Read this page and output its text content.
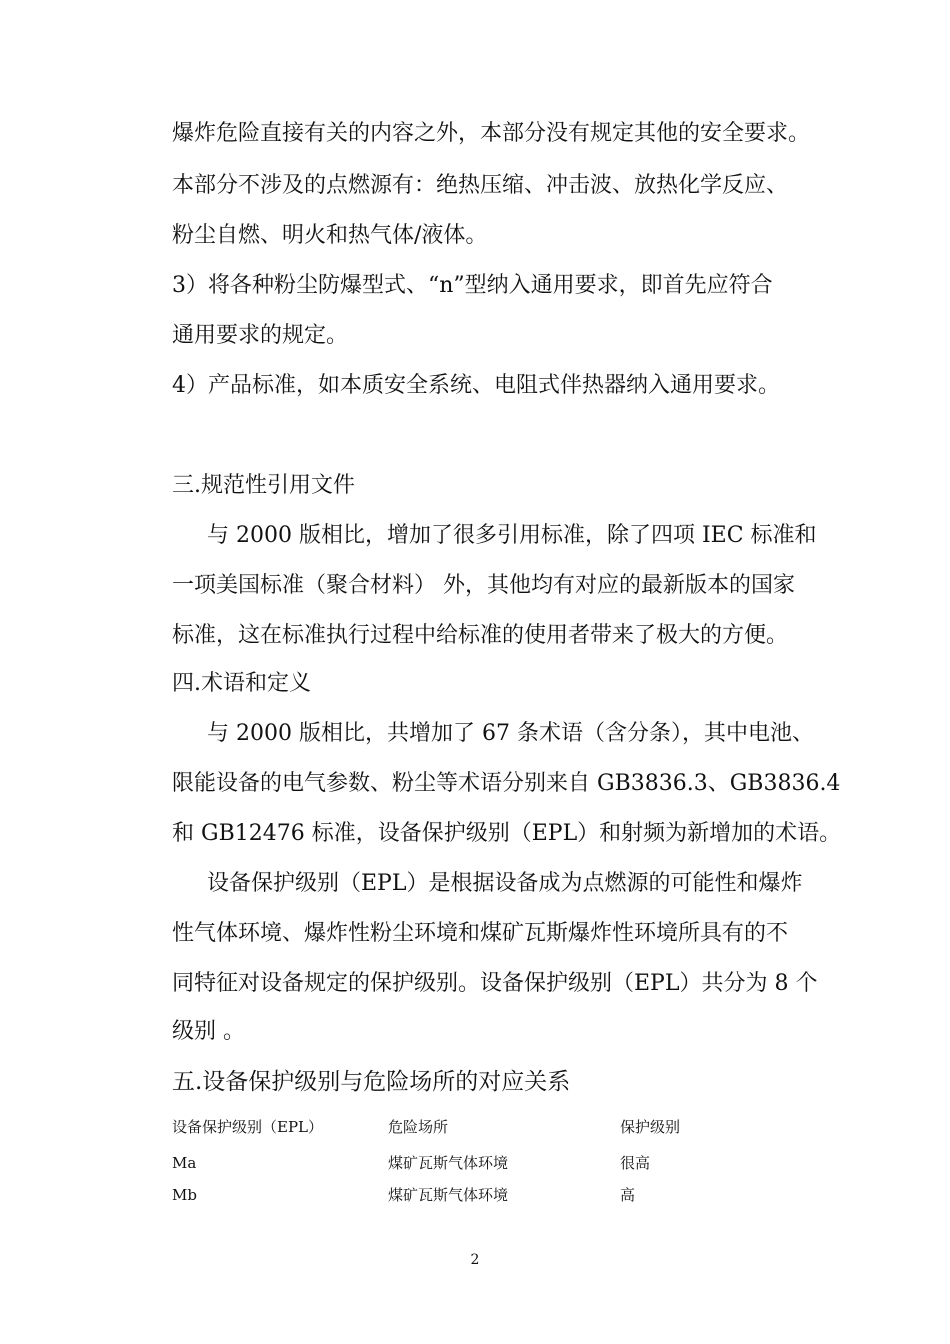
爆炸危险直接有关的内容之外，本部分没有规定其他的安全要求。
本部分不涉及的点燃源有：绝热压缩、冲击波、放热化学反应、
粉尘自燃、明火和热气体/液体。
3）将各种粉尘防爆型式、“n”型纳入通用要求，即首先应符合
通用要求的规定。
4）产品标准，如本质安全系统、电阻式伴热器纳入通用要求。
三.规范性引用文件
与 2000 版相比，增加了很多引用标准，除了四项 IEC 标准和
一项美国标准（聚合材料） 外，其他均有对应的最新版本的国家
标准，这在标准执行过程中给标准的使用者带来了极大的方便。
四.术语和定义
与 2000 版相比，共增加了 67 条术语（含分条），其中电池、
限能设备的电气参数、粉尘等术语分别来自 GB3836.3、GB3836.4
和 GB12476 标准，设备保护级别（EPL）和射频为新增加的术语。
设备保护级别（EPL）是根据设备成为点燃源的可能性和爆炸
性气体环境、爆炸性粉尘环境和煤矿瓦斯爆炸性环境所具有的不
同特征对设备规定的保护级别。设备保护级别（EPL）共分为 8 个
级别 。
五.设备保护级别与危险场所的对应关系
设备保护级别（EPL）	危险场所	保护级别
Ma	煤矿瓦斯气体环境	很高
Mb	煤矿瓦斯气体环境	高
2
